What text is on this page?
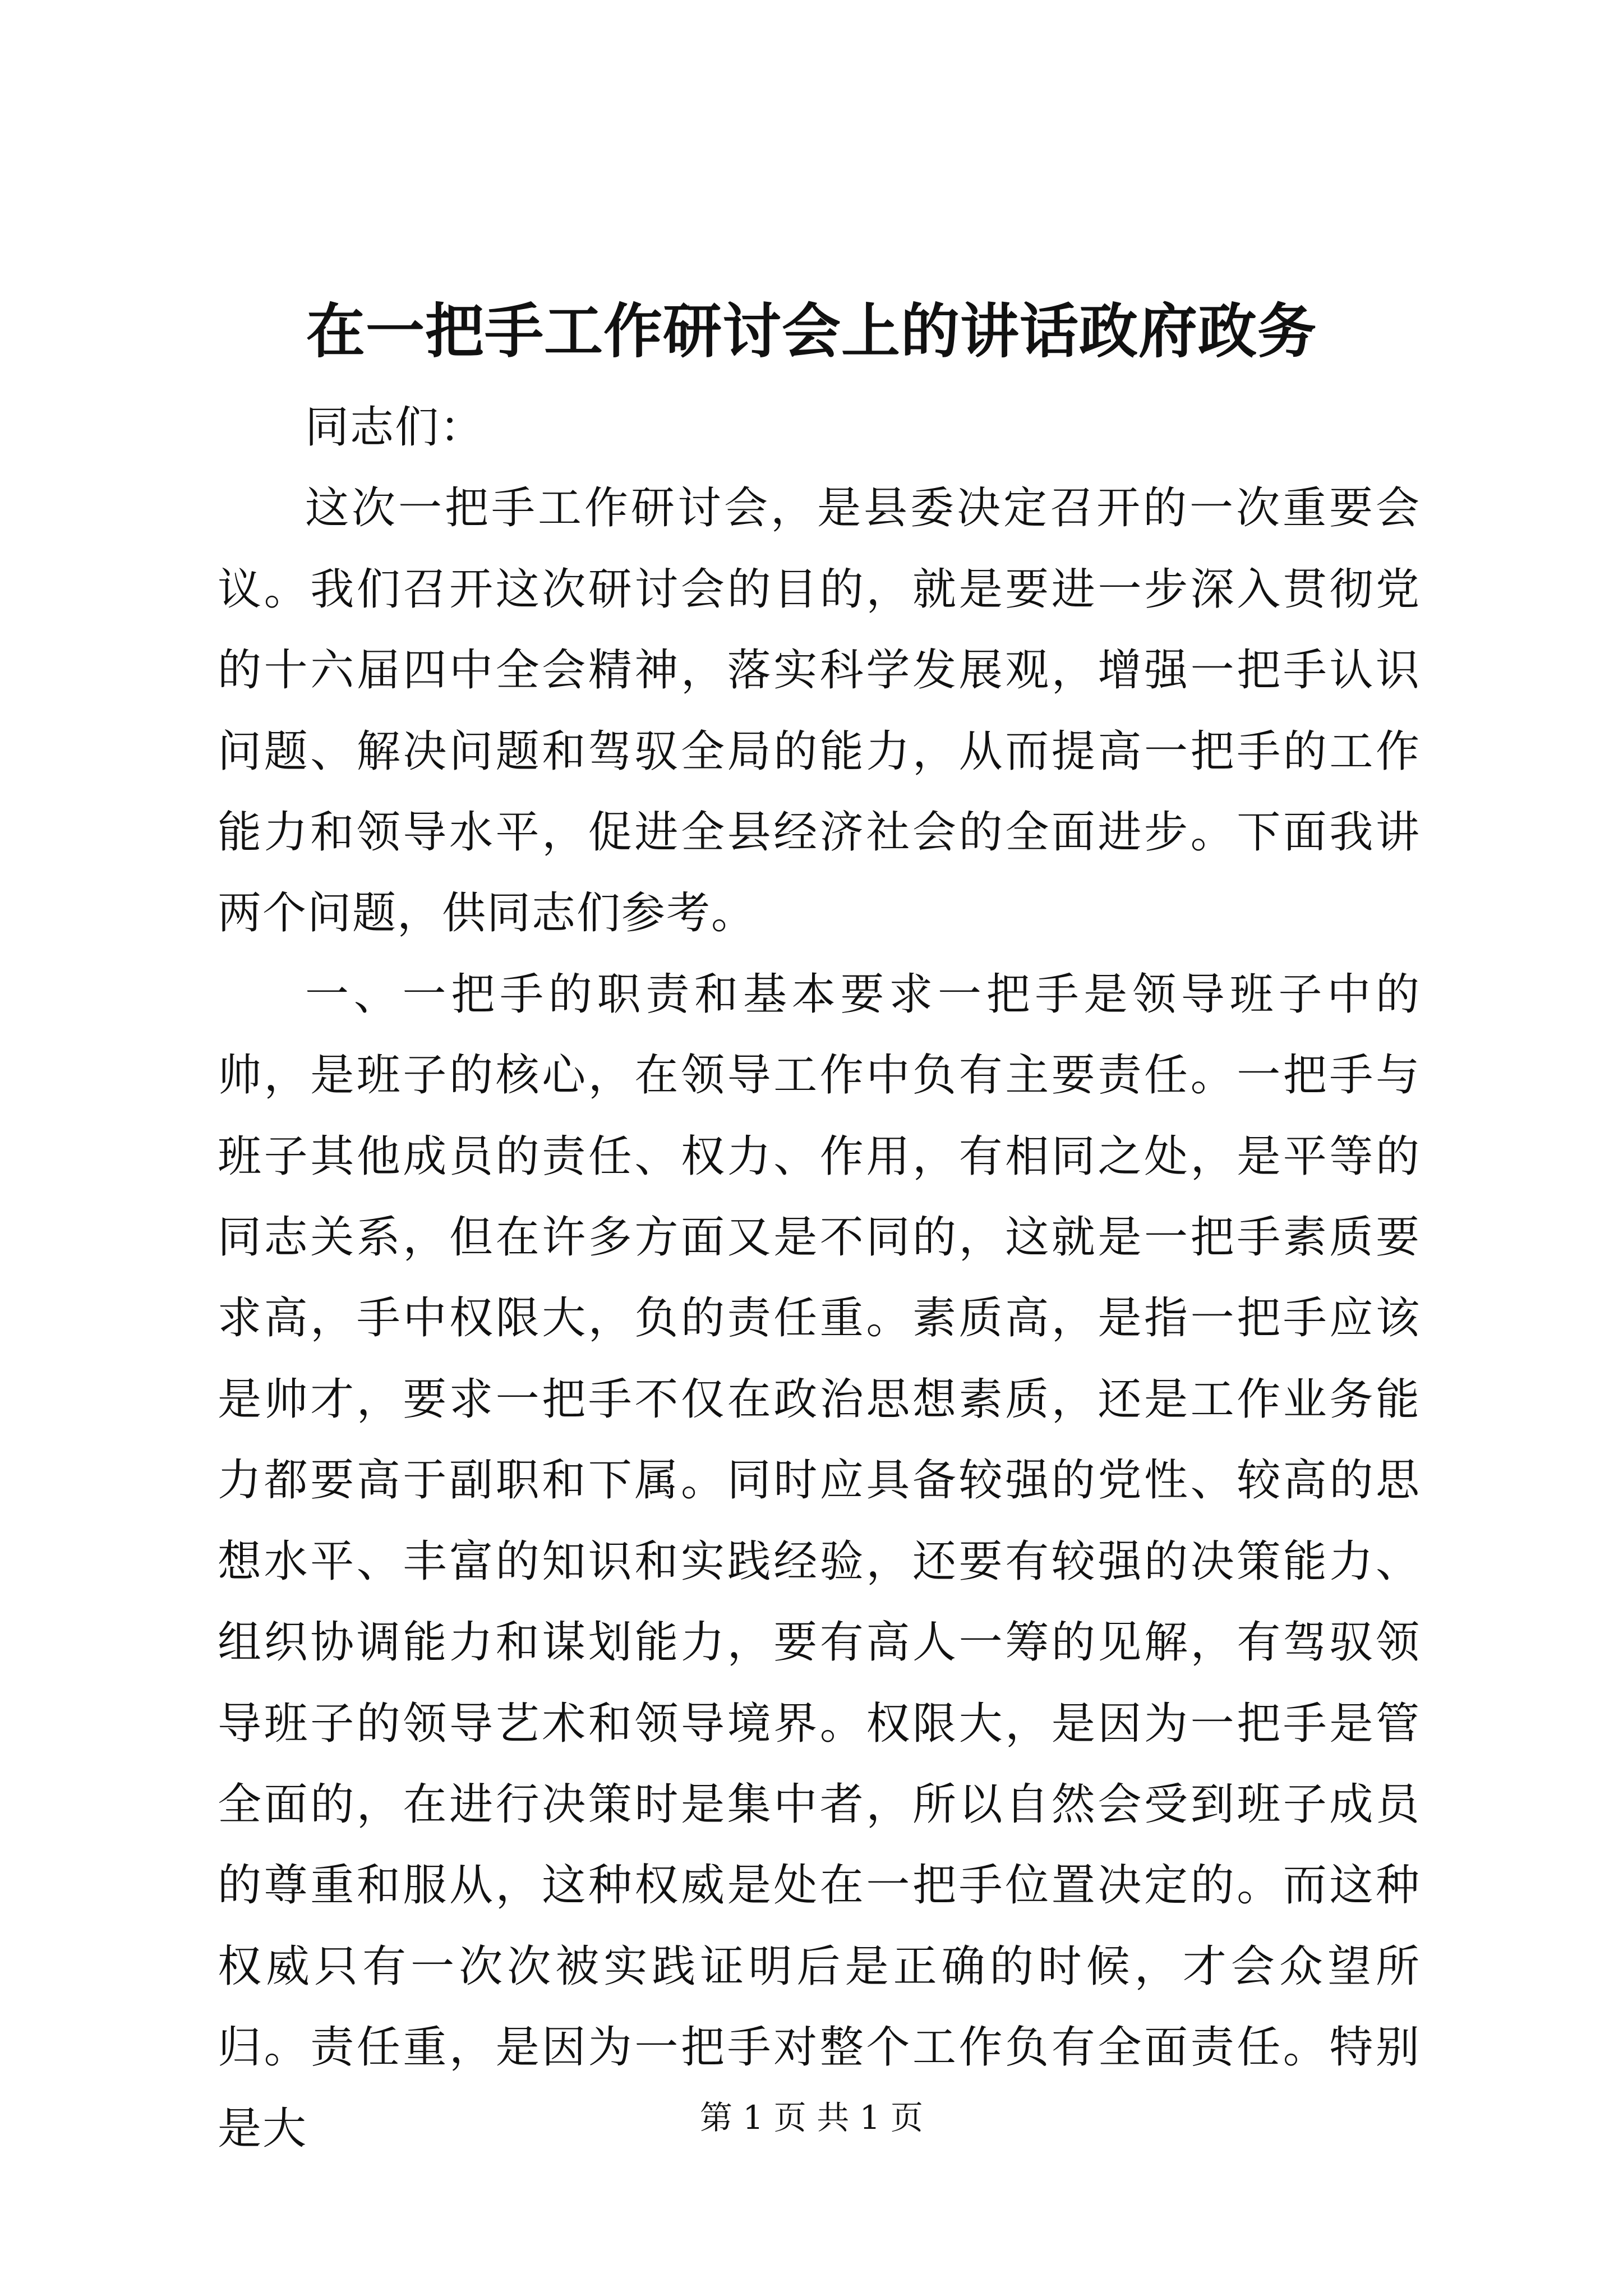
在一把手工作研讨会上的讲话政府政务

同志们：

这次一把手工作研讨会，是县委决定召开的一次重要会议。我们召开这次研讨会的目的，就是要进一步深入贯彻党的十六届四中全会精神，落实科学发展观，增强一把手认识问题、解决问题和驾驭全局的能力，从而提高一把手的工作能力和领导水平，促进全县经济社会的全面进步。下面我讲两个问题，供同志们参考。

一、一把手的职责和基本要求一把手是领导班子中的帅，是班子的核心，在领导工作中负有主要责任。一把手与班子其他成员的责任、权力、作用，有相同之处，是平等的同志关系，但在许多方面又是不同的，这就是一把手素质要求高，手中权限大，负的责任重。素质高，是指一把手应该是帅才，要求一把手不仅在政治思想素质，还是工作业务能力都要高于副职和下属。同时应具备较强的党性、较高的思想水平、丰富的知识和实践经验，还要有较强的决策能力、组织协调能力和谋划能力，要有高人一筹的见解，有驾驭领导班子的领导艺术和领导境界。权限大，是因为一把手是管全面的，在进行决策时是集中者，所以自然会受到班子成员的尊重和服从，这种权威是处在一把手位置决定的。而这种权威只有一次次被实践证明后是正确的时候，才会众望所归。责任重，是因为一把手对整个工作负有全面责任。特别是大	第 1 页 共 1 页
